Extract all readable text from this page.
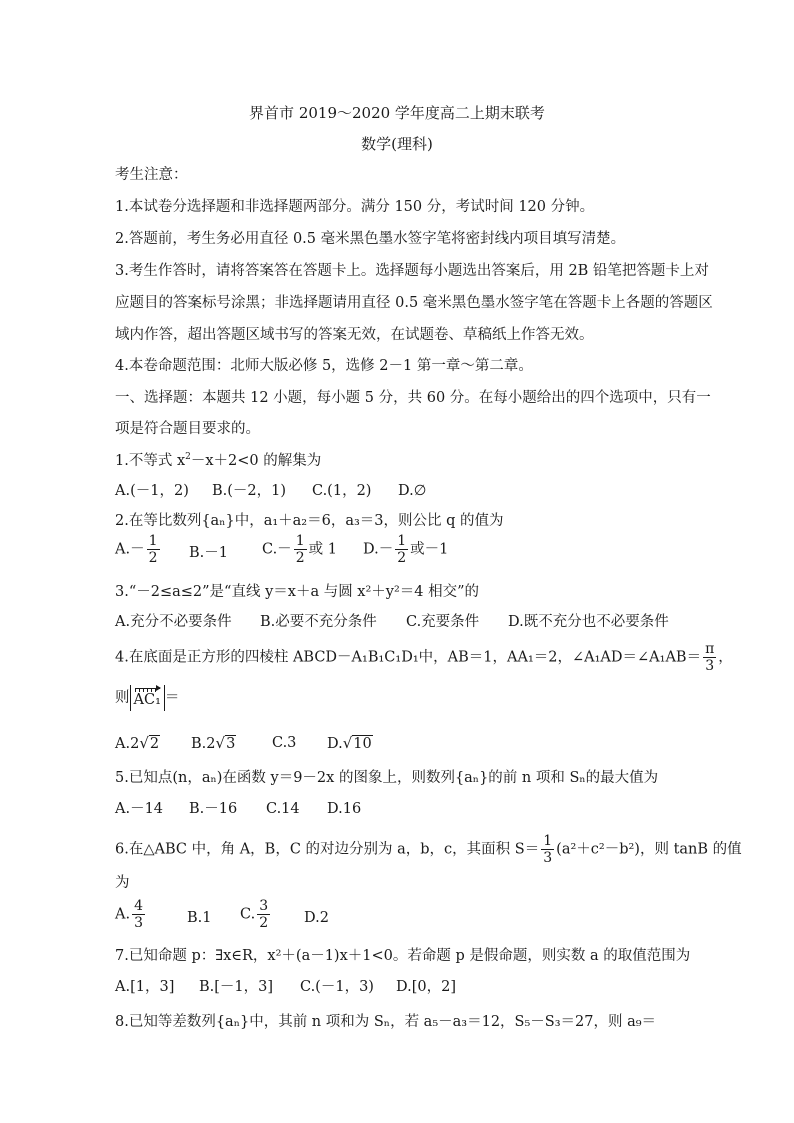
界首市 2019～2020 学年度高二上期末联考
数学(理科)
考生注意：
1.本试卷分选择题和非选择题两部分。满分 150 分，考试时间 120 分钟。
2.答题前，考生务必用直径 0.5 毫米黑色墨水签字笔将密封线内项目填写清楚。
3.考生作答时，请将答案答在答题卡上。选择题每小题选出答案后，用 2B 铅笔把答题卡上对
应题目的答案标号涂黑；非选择题请用直径 0.5 毫米黑色墨水签字笔在答题卡上各题的答题区
域内作答，超出答题区域书写的答案无效，在试题卷、草稿纸上作答无效。
4.本卷命题范围：北师大版必修 5，选修 2－1 第一章～第二章。
一、选择题：本题共 12 小题，每小题 5 分，共 60 分。在每小题给出的四个选项中，只有一
项是符合题目要求的。
1.不等式 $x^2-x+2<0$ 的解集为
A.(－1，2) B.(－2，1) C.(1，2) D.∅
2.在等比数列{aₙ}中，a₁＋a₂＝6，a₃＝3，则公比 q 的值为
$A.- \frac{1}{2} B.-1$ $C.- \frac{1}{2}$ 或 1 $D.- \frac{1}{2}$ 或－1
3.“－2≤a≤2”是“直线 y＝x＋a 与圆 x²＋y²＝4 相交”的
A.充分不必要条件 B.必要不充分条件 C.充要条件 D.既不充分也不必要条件
4.在底面是正方形的四棱柱 ABCD－A₁B₁C₁D₁中，AB＝1，AA₁＝2，∠A₁AD＝∠A₁AB＝ $\frac{\pi}{3}$ ，
则 AC₁ ＝
A.2√2 B.2√3	C.3 D.√10
5.已知点(n，aₙ)在函数 y＝9－2x 的图象上，则数列{aₙ}的前 n 项和 Sₙ的最大值为
A.－14 B.－16 C.14 D.16
6.在△ABC 中，角 A，B，C 的对边分别为 a，b，c，其面积 $S= \frac{1}{3} (a^2+c^2-b^2)$，则 tanB 的值
为
A. $\frac{4}{3}$	B.1 C. $\frac{3}{2} D.2$
7.已知命题 p：∃x∈R，x²＋(a－1)x＋1<0。若命题 p 是假命题，则实数 a 的取值范围为
A.[1，3] B.[－1，3] C.(－1，3) D.[0，2]
8.已知等差数列{aₙ}中，其前 n 项和为 Sₙ，若 a₅－a₃＝12，S₅－S₃＝27，则 a₉＝
